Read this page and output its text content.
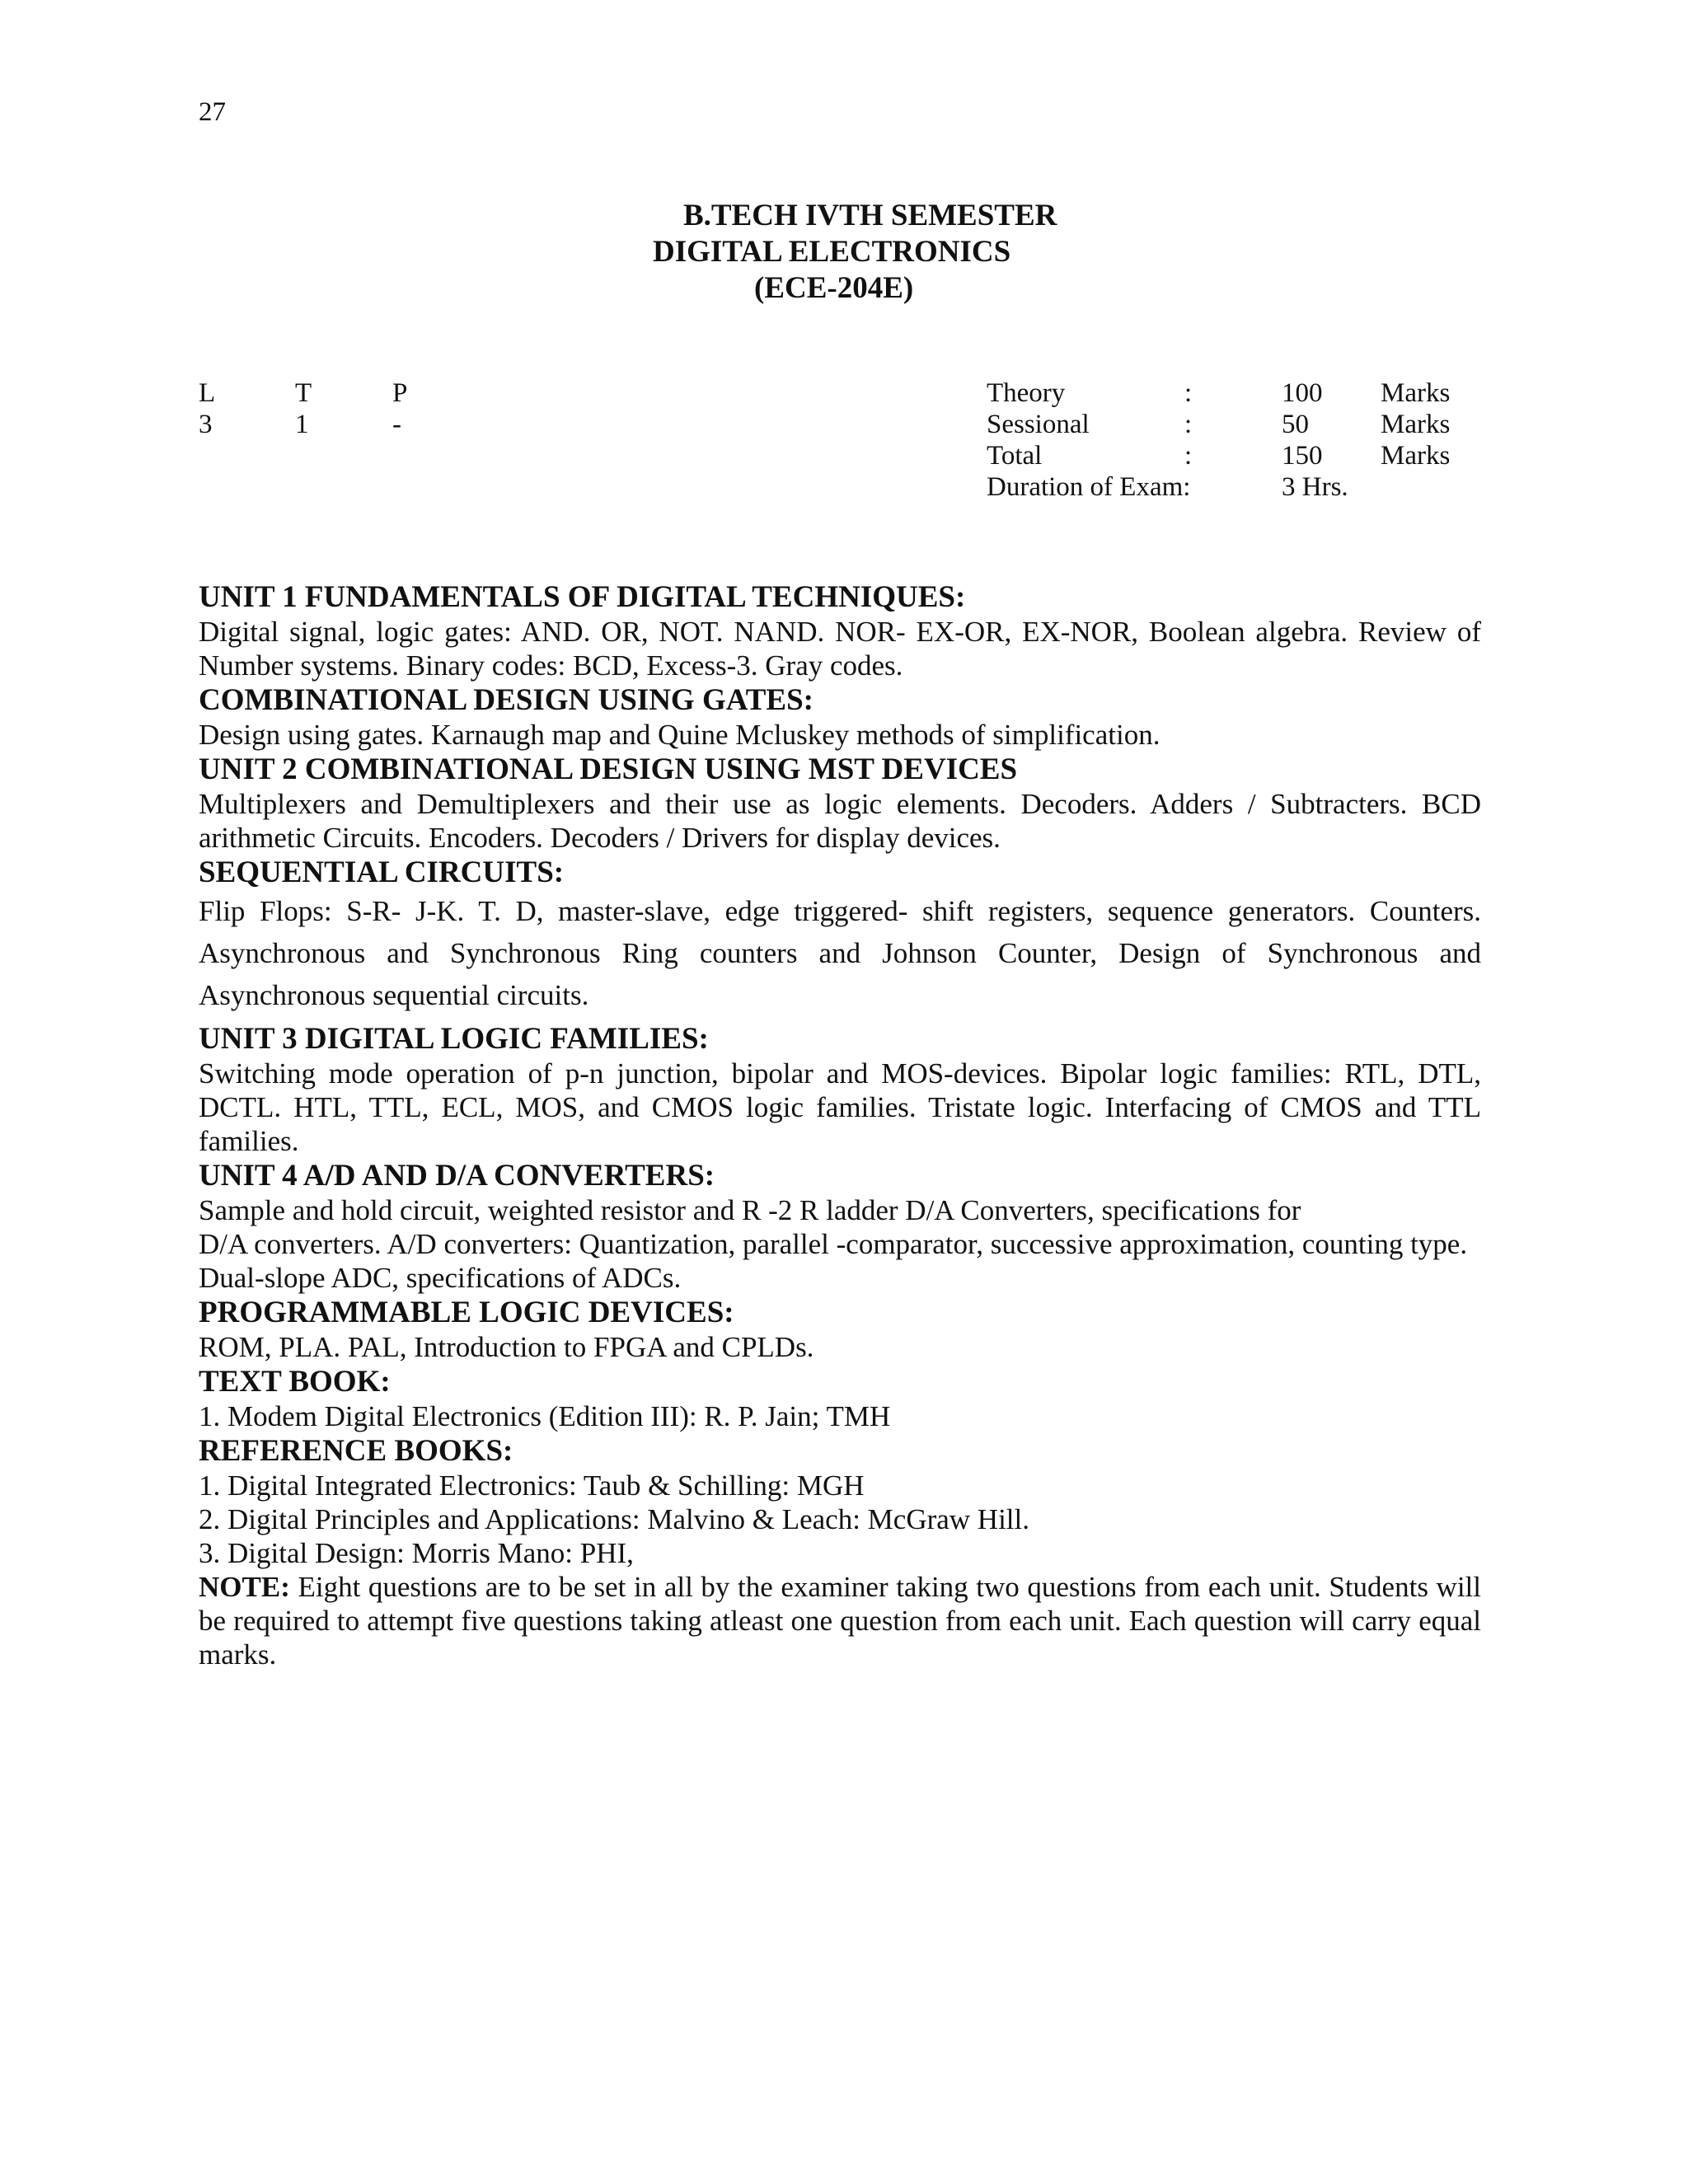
27
B.TECH IVTH SEMESTER
DIGITAL ELECTRONICS
(ECE-204E)
L	T	P
3	1	-
Theory	:	100 Marks
Sessional	:	50	Marks
Total	:	150 Marks
Duration of Exam:	3 Hrs.
UNIT 1 FUNDAMENTALS OF DIGITAL TECHNIQUES:

Digital signal, logic gates: AND. OR, NOT. NAND. NOR- EX-OR, EX-NOR, Boolean algebra. Review of Number systems. Binary codes: BCD, Excess-3. Gray codes.

COMBINATIONAL DESIGN USING GATES:

Design using gates. Karnaugh map and Quine Mcluskey methods of simplification.

UNIT 2 COMBINATIONAL DESIGN USING MST DEVICES

Multiplexers and Demultiplexers and their use as logic elements. Decoders. Adders / Subtracters. BCD arithmetic Circuits. Encoders. Decoders / Drivers for display devices.

SEQUENTIAL CIRCUITS:

Flip Flops: S-R- J-K. T. D, master-slave, edge triggered- shift registers, sequence generators. Counters. Asynchronous and Synchronous Ring counters and Johnson Counter, Design of Synchronous and Asynchronous sequential circuits.

UNIT 3 DIGITAL LOGIC FAMILIES:

Switching mode operation of p-n junction, bipolar and MOS-devices. Bipolar logic families: RTL, DTL, DCTL. HTL, TTL, ECL, MOS, and CMOS logic families. Tristate logic. Interfacing of CMOS and TTL families.

UNIT 4 A/D AND D/A CONVERTERS:

Sample and hold circuit, weighted resistor and R -2 R ladder D/A Converters, specifications for

D/A converters. A/D converters: Quantization, parallel -comparator, successive approximation, counting type.

Dual-slope ADC, specifications of ADCs.

PROGRAMMABLE LOGIC DEVICES:

ROM, PLA. PAL, Introduction to FPGA and CPLDs.

TEXT BOOK:

1. Modem Digital Electronics (Edition III): R. P. Jain; TMH

REFERENCE BOOKS:

1. Digital Integrated Electronics: Taub & Schilling: MGH

2. Digital Principles and Applications: Malvino & Leach: McGraw Hill.

3. Digital Design: Morris Mano: PHI,

NOTE: Eight questions are to be set in all by the examiner taking two questions from each unit. Students will be required to attempt five questions taking atleast one question from each unit. Each question will carry equal marks.
